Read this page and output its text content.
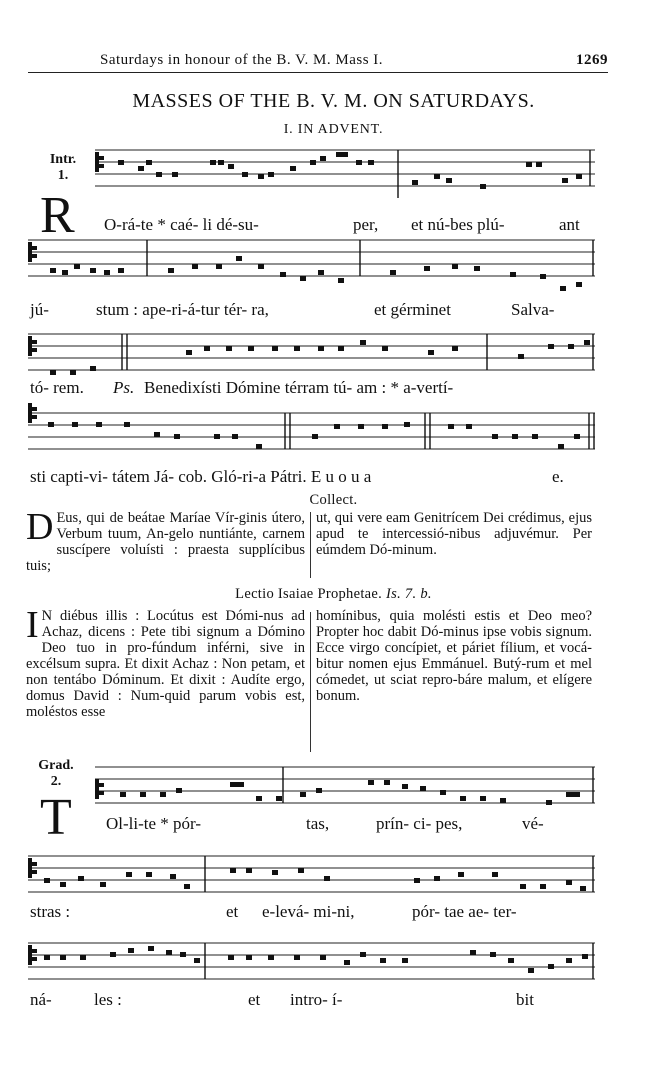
Saturdays in honour of the B. V. M. Mass I.	1269
MASSES OF THE B. V. M. ON SATURDAYS.
I. IN ADVENT.
Intr.
1.
R O-rá-te * caé- li dé-su-	per, et nú-bes plú-	ant
jú-	stum : ape-ri-á-tur tér- ra,	et gérminet	Salva-
tó- rem. Ps. Benedixísti Dómine térram tú- am : * a-vertí-
sti capti-vi- tátem Já- cob. Gló-ri-a Pátri. E u o u a	e.
Collect.
D Eus, qui de beátae Maríae Vír-ginis útero, Verbum tuum, An-gelo nuntiánte, carnem suscípere voluísti : praesta supplícibus tuis;
ut, qui vere eam Genitrícem Dei crédimus, ejus apud te intercessió-nibus adjuvémur. Per eúmdem Dó-minum.
Lectio Isaiae Prophetae. Is. 7. b.
I N diébus illis : Locútus est Dómi-nus ad Achaz, dicens : Pete tibi signum a Dómino Deo tuo in pro-fúndum inférni, sive in excélsum supra. Et dixit Achaz : Non petam, et non tentábo Dóminum. Et dixit : Audíte ergo, domus David : Num-quid parum vobis est, moléstos esse
homínibus, quia molésti estis et Deo meo? Propter hoc dabit Dó-minus ipse vobis signum. Ecce virgo concípiet, et páriet fílium, et vocá-bitur nomen ejus Emmánuel. Butý-rum et mel cómedet, ut sciat repro-báre malum, et elígere bonum.
Grad.
2.
T Ol-li-te * pór-	tas,	prín- ci- pes,	vé-
stras :	et e-levá- mi-ni,	pór- tae ae- ter-
ná- les :	et intro- í-	bit
